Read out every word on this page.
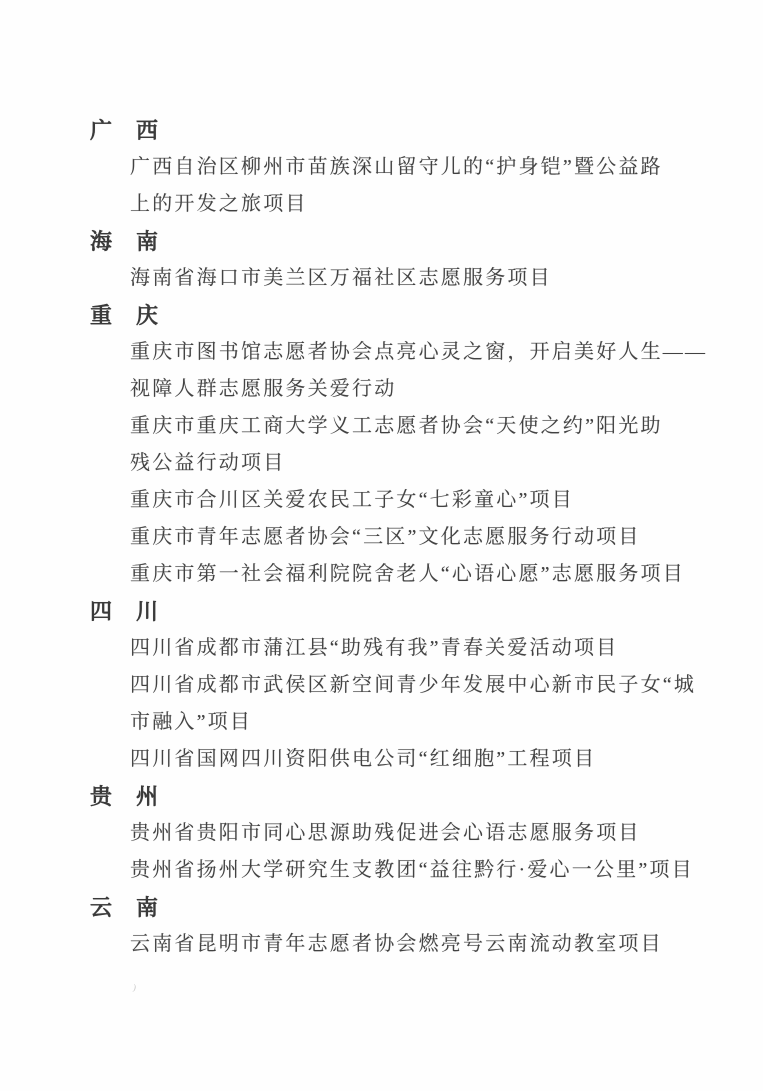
广　西
广西自治区柳州市苗族深山留守儿的“护身铠”暨公益路
上的开发之旅项目
海　南
海南省海口市美兰区万福社区志愿服务项目
重　庆
重庆市图书馆志愿者协会点亮心灵之窗，开启美好人生——
视障人群志愿服务关爱行动
重庆市重庆工商大学义工志愿者协会“天使之约”阳光助
残公益行动项目
重庆市合川区关爱农民工子女“七彩童心”项目
重庆市青年志愿者协会“三区”文化志愿服务行动项目
重庆市第一社会福利院院舍老人“心语心愿”志愿服务项目
四　川
四川省成都市蒲江县“助残有我”青春关爱活动项目
四川省成都市武侯区新空间青少年发展中心新市民子女“城
市融入”项目
四川省国网四川资阳供电公司“红细胞”工程项目
贵　州
贵州省贵阳市同心思源助残促进会心语志愿服务项目
贵州省扬州大学研究生支教团“益往黔行·爱心一公里”项目
云　南
云南省昆明市青年志愿者协会燃亮号云南流动教室项目
)
